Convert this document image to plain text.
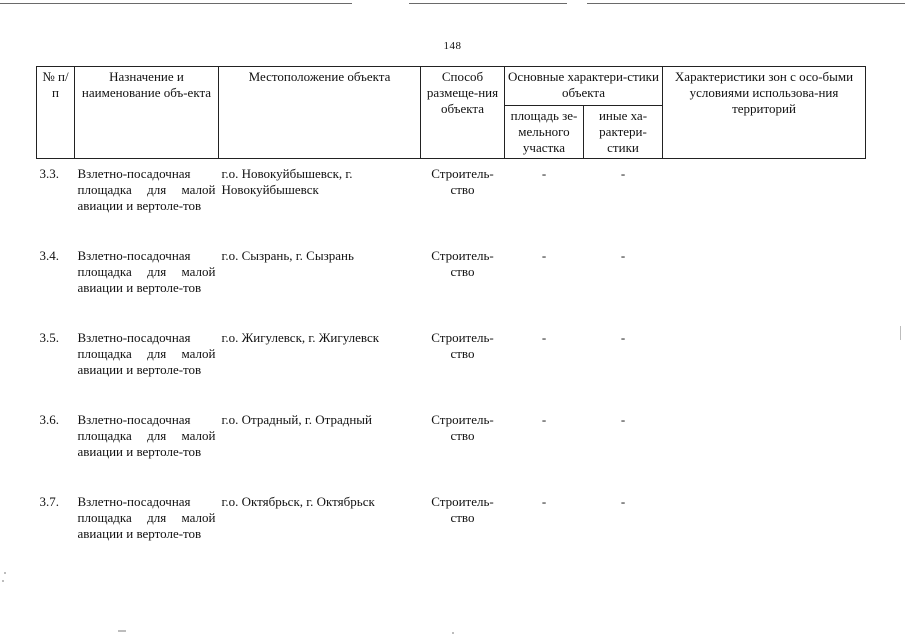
148
№ п/п	Назначение и наименование объ-екта	Местоположение объекта	Способ размеще-ния объекта	Основные характери-стики объекта		Характеристики зон с осо-быми условиями использова-ния территорий
				площадь зе-мельного участка	иные ха-рактери-стики	

3.3.	Взлетно-посадочная площадка для малой авиации и вертоле-тов	г.о. Новокуйбышевск, г. Новокуйбышевск	Строитель-ство	-	-	
3.4.	Взлетно-посадочная площадка для малой авиации и вертоле-тов	г.о. Сызрань, г. Сызрань	Строитель-ство	-	-	
3.5.	Взлетно-посадочная площадка для малой авиации и вертоле-тов	г.о. Жигулевск, г. Жигулевск	Строитель-ство	-	-	
3.6.	Взлетно-посадочная площадка для малой авиации и вертоле-тов	г.о. Отрадный, г. Отрадный	Строитель-ство	-	-	
3.7.	Взлетно-посадочная площадка для малой авиации и вертоле-тов	г.о. Октябрьск, г. Октябрьск	Строитель-ство	-	-	
